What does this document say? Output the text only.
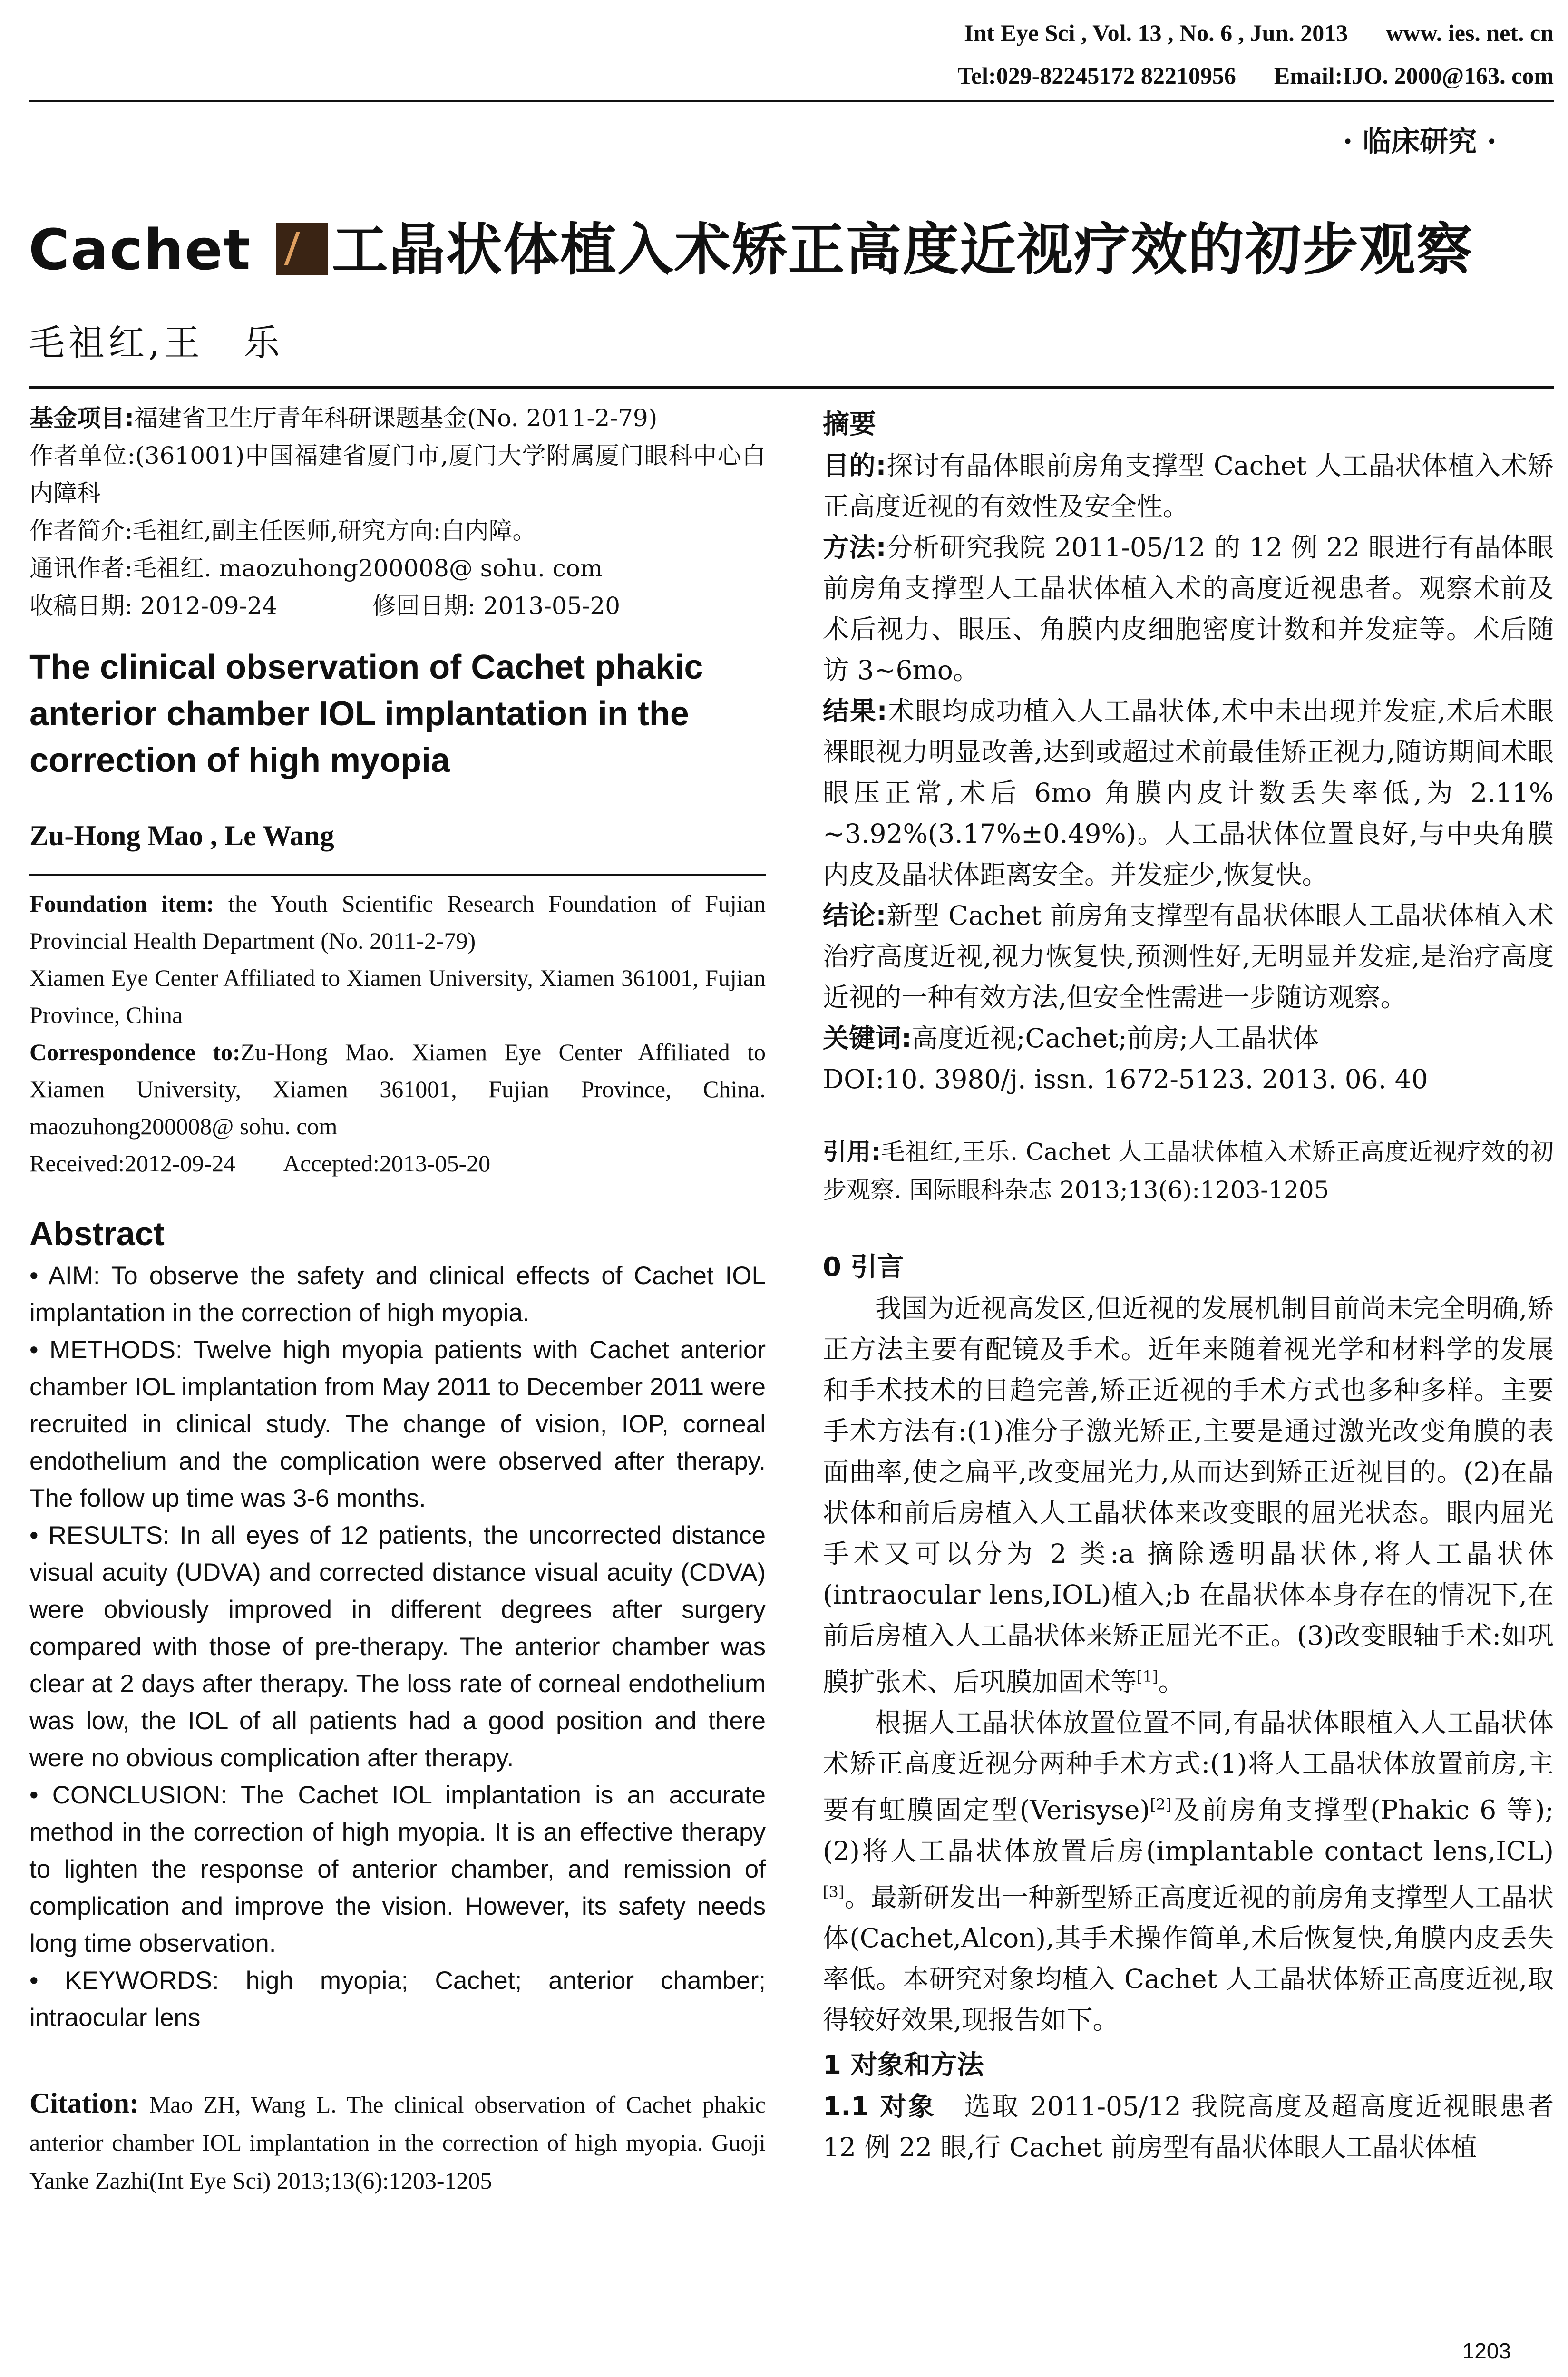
Int Eye Sci , Vol. 13 , No. 6 , Jun. 2013 www. ies. net. cn
Tel:029-82245172 82210956 Email:IJO. 2000@163. com
· 临床研究 ·
Cachet 工晶状体植入术矫正高度近视疗效的初步观察
毛祖红,王　乐

基金项目:福建省卫生厅青年科研课题基金(No. 2011-2-79)

作者单位:(361001)中国福建省厦门市,厦门大学附属厦门眼科中心白内障科

作者简介:毛祖红,副主任医师,研究方向:白内障。

通讯作者:毛祖红. maozuhong200008@ sohu. com

收稿日期: 2012-09-24　　　　修回日期: 2013-05-20

The clinical observation of Cachet phakic anterior chamber IOL implantation in the correction of high myopia

Zu-Hong Mao , Le Wang

Foundation item: the Youth Scientific Research Foundation of Fujian Provincial Health Department (No. 2011-2-79)

Xiamen Eye Center Affiliated to Xiamen University, Xiamen 361001, Fujian Province, China

Correspondence to:Zu-Hong Mao. Xiamen Eye Center Affiliated to Xiamen University, Xiamen 361001, Fujian Province, China. maozuhong200008@ sohu. com

Received:2012-09-24　　Accepted:2013-05-20

Abstract

• AIM: To observe the safety and clinical effects of Cachet IOL implantation in the correction of high myopia.

• METHODS: Twelve high myopia patients with Cachet anterior chamber IOL implantation from May 2011 to December 2011 were recruited in clinical study. The change of vision, IOP, corneal endothelium and the complication were observed after therapy. The follow up time was 3-6 months.

• RESULTS: In all eyes of 12 patients, the uncorrected distance visual acuity (UDVA) and corrected distance visual acuity (CDVA) were obviously improved in different degrees after surgery compared with those of pre-therapy. The anterior chamber was clear at 2 days after therapy. The loss rate of corneal endothelium was low, the IOL of all patients had a good position and there were no obvious complication after therapy.

• CONCLUSION: The Cachet IOL implantation is an accurate method in the correction of high myopia. It is an effective therapy to lighten the response of anterior chamber, and remission of complication and improve the vision. However, its safety needs long time observation.

• KEYWORDS: high myopia; Cachet; anterior chamber; intraocular lens

Citation: Mao ZH, Wang L. The clinical observation of Cachet phakic anterior chamber IOL implantation in the correction of high myopia. Guoji Yanke Zazhi(Int Eye Sci) 2013;13(6):1203-1205

摘要

目的:探讨有晶体眼前房角支撑型 Cachet 人工晶状体植入术矫正高度近视的有效性及安全性。

方法:分析研究我院 2011-05/12 的 12 例 22 眼进行有晶体眼前房角支撑型人工晶状体植入术的高度近视患者。观察术前及术后视力、眼压、角膜内皮细胞密度计数和并发症等。术后随访 3~6mo。

结果:术眼均成功植入人工晶状体,术中未出现并发症,术后术眼裸眼视力明显改善,达到或超过术前最佳矫正视力,随访期间术眼眼压正常,术后 6mo 角膜内皮计数丢失率低,为 2.11% ~3.92%(3.17%±0.49%)。人工晶状体位置良好,与中央角膜内皮及晶状体距离安全。并发症少,恢复快。

结论:新型 Cachet 前房角支撑型有晶状体眼人工晶状体植入术治疗高度近视,视力恢复快,预测性好,无明显并发症,是治疗高度近视的一种有效方法,但安全性需进一步随访观察。

关键词:高度近视;Cachet;前房;人工晶状体

DOI:10. 3980/j. issn. 1672-5123. 2013. 06. 40

引用:毛祖红,王乐. Cachet 人工晶状体植入术矫正高度近视疗效的初步观察. 国际眼科杂志 2013;13(6):1203-1205

0 引言

我国为近视高发区,但近视的发展机制目前尚未完全明确,矫正方法主要有配镜及手术。近年来随着视光学和材料学的发展和手术技术的日趋完善,矫正近视的手术方式也多种多样。主要手术方法有:(1)准分子激光矫正,主要是通过激光改变角膜的表面曲率,使之扁平,改变屈光力,从而达到矫正近视目的。(2)在晶状体和前后房植入人工晶状体来改变眼的屈光状态。眼内屈光手术又可以分为 2 类:a 摘除透明晶状体,将人工晶状体(intraocular lens,IOL)植入;b 在晶状体本身存在的情况下,在前后房植入人工晶状体来矫正屈光不正。(3)改变眼轴手术:如巩膜扩张术、后巩膜加固术等[1]。

根据人工晶状体放置位置不同,有晶状体眼植入人工晶状体术矫正高度近视分两种手术方式:(1)将人工晶状体放置前房,主要有虹膜固定型(Verisyse)[2]及前房角支撑型(Phakic 6 等);(2)将人工晶状体放置后房(implantable contact lens,ICL)[3]。最新研发出一种新型矫正高度近视的前房角支撑型人工晶状体(Cachet,Alcon),其手术操作简单,术后恢复快,角膜内皮丢失率低。本研究对象均植入 Cachet 人工晶状体矫正高度近视,取得较好效果,现报告如下。

1 对象和方法

1.1 对象　选取 2011-05/12 我院高度及超高度近视眼患者 12 例 22 眼,行 Cachet 前房型有晶状体眼人工晶状体植

1203
